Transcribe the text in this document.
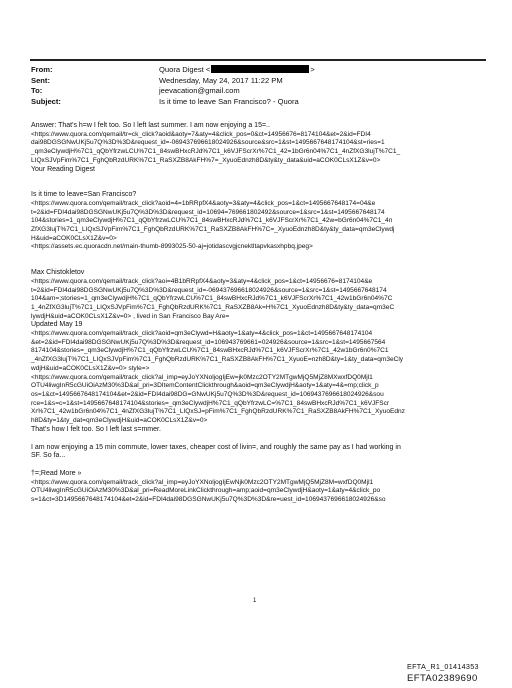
From:	Quora Digest <	>
Sent:	Wednesday, May 24, 2017 11:22 PM
To:	jeevacation@gmail.com
Subject:	Is it time to leave San Francisco? - Quora

Answer: That's h=w I felt too. So I left last summer. I am now enjoying a 15=..

<https://www.quora.com/qemail/tr=ck_click?aoid&aoty=7&aty=4&click_pos=0&ct=14956676=8174104&et=2&id=FDI4

dai98DGSGNwUKj5u7Q%3D%3D&request_id=-069437696618024926&source&src=1&st=1495667648174104&st=ries=1

_qm3eClywdjH%7C1_qQbYfrzwLCU%7C1_84swBHxcRJd%7C1_k6VJFScrXr%7C1_42=1bGr6n04%7C1_4nZfXG3lujT%7C1_

LIQxSJVpFim%7C1_FghQbRzdURK%7C1_RaSXZB8AkFH%7=_XyuoEdnzh8D&ty&ty_data&uid=aCOK0CLsX1Z&v=0>

Your Reading Digest

Is it time to leave=San Francisco?

<https://www.quora.com/qemail/track_click?aoid=4=1bRRpfX4&aoty=3&aty=4&click_pos=1&ct=1495667648174=04&e

t=2&id=FDI4dai98DGSGNwUKj5u7Q%3D%3D&request_id=10694=769661802492&source=1&src=1&st=1495667648174

104&stories=1_qm3eClywdjH%7C1_qQbYfrzwLCU%7C1_84swBHxcRJd%7C1_k6VJFScrXr%7C1_42w=bGr6n04%7C1_4n

ZfXG3lujT%7C1_LIQxSJVpFim%7C1_FghQbRzdURK%7C1_RaSXZB8AkFH%7C=_XyuoEdnzh8D&ty&ty_data=qm3eClywdj

H&uid=aCOK0CLsX1Z&v=0>

<https://assets.ec.quoracdn.net/main-thumb-8993025-50-aj=jotidascvgjcnektltapvkasxhpbq.jpeg>

Max Chistokletov

<https://www.quora.com/qemail/track_click?aoi=4B1bRRpfX4&aoty=3&aty=4&click_pos=1&ct=14956676=8174104&e

t=2&id=FDI4dai98DGSGNwUKj5u7Q%3D%3D&request_id=-069437696618024926&source=1&src=1&st=1495667648174

104&am=;stories=1_qm3eClywdjH%7C1_qQbYfrzwLCU%7C1_84swBHxcRJd%7C1_k6VJFScrXr%7C1_42w1bGr6n04%7C

1_4nZfXG3lujT%7C1_LIQxSJVpFim%7C1_FghQbRzdURK%7C1_RaSXZB8Ak=H%7C1_XyuoEdnzh8D&ty&ty_data=qm3eC

lywdjH&uid=aCOK0CLsX1Z&v=0> , lived in San Francisco Bay Are=

Updated May 19

<https://www.quora.com/qemail/track_click?aoid=qm3eClywd=H&aoty=1&aty=4&click_pos=1&ct=1495667648174104

&et=2&id=FDI4dai98DGSGNwUKj5u7Q%3D%3D&request_id=106943769661=024926&source=1&src=1&st=1495667564

8174104&stories=_qm3eClywdjH%7C1_qQbYfrzwLCU%7C1_84swBHxcRJd%7C1_k6VJFScrXr%7C1_42w1bGr6n0%7C1

_4nZfXG3lujT%7C1_LIQxSJVpFim%7C1_FghQbRzdURK%7C1_RaSXZB8AkFH%7C1_XyuoE=nzh8D&ty=1&ty_data=qm3eCly

wdjH&uid=aCOK0CLsX1Z&v=0> style=>

<https://www.quora.com/qemail/track_click?al_imp=eyJoYXNoljogIjEw=jk0Mzc2OTY2MTgwMjQ5MjZ8MXwxfDQ0Mjl1

OTU4liwgInR5cGUiOiAzM30%3D&al_pri=3DItemContentClickthrough&aoid=qm3eClywdjH&aoty=1&aty=4&=mp;click_p

os=1&ct=1495667648174104&et=2&id=FDI4dai98DG=GNwUKj5u7Q%3D%3D&request_id=1069437696618024926&sou

rce=1&s=c=1&st=1495667648174104&stories=_qm3eClywdjH%7C1_qQbYfrzwLC=%7C1_84swBHxcRJd%7C1_k6VJFScr

Xr%7C1_42w1bGr6n04%7C1_4nZfXG3lujT%7C1_LIQxSJ=pFim%7C1_FghQbRzdURK%7C1_RaSXZB8AkFH%7C1_XyuoEdnz

h8D&ty=1&ty_dat=qm3eClywdjH&uid=aCOK0CLsX1Z&v=0>

That's how I felt too. So I left last s=mmer.

I am now enjoying a 15 min commute, lower taxes, cheaper cost of livin=, and roughly the same pay as I had working in

SF. So fa...

†=;Read More »

<https://www.quora.com/qemail/track_click?al_imp=eyJoYXNoljogIjEwNjk0Mzc2OTY2MTgwMjQ5MjZ8M=wxfDQ0Mjl1

OTU4liwgInR5cGUiOiAzM30%3D&al_pri=ReadMoreLinkClickthrough=amp;aoid=qm3eClywdjH&aoty=1&aty=4&click_po

s=1&ct=3D1495667648174104&et=2&id=FDI4dai98DGSGNwUKj5u7Q%3D%3D&re=uest_id=1069437696618024926&so

1
EFTA_R1_01414353
EFTA02389690
